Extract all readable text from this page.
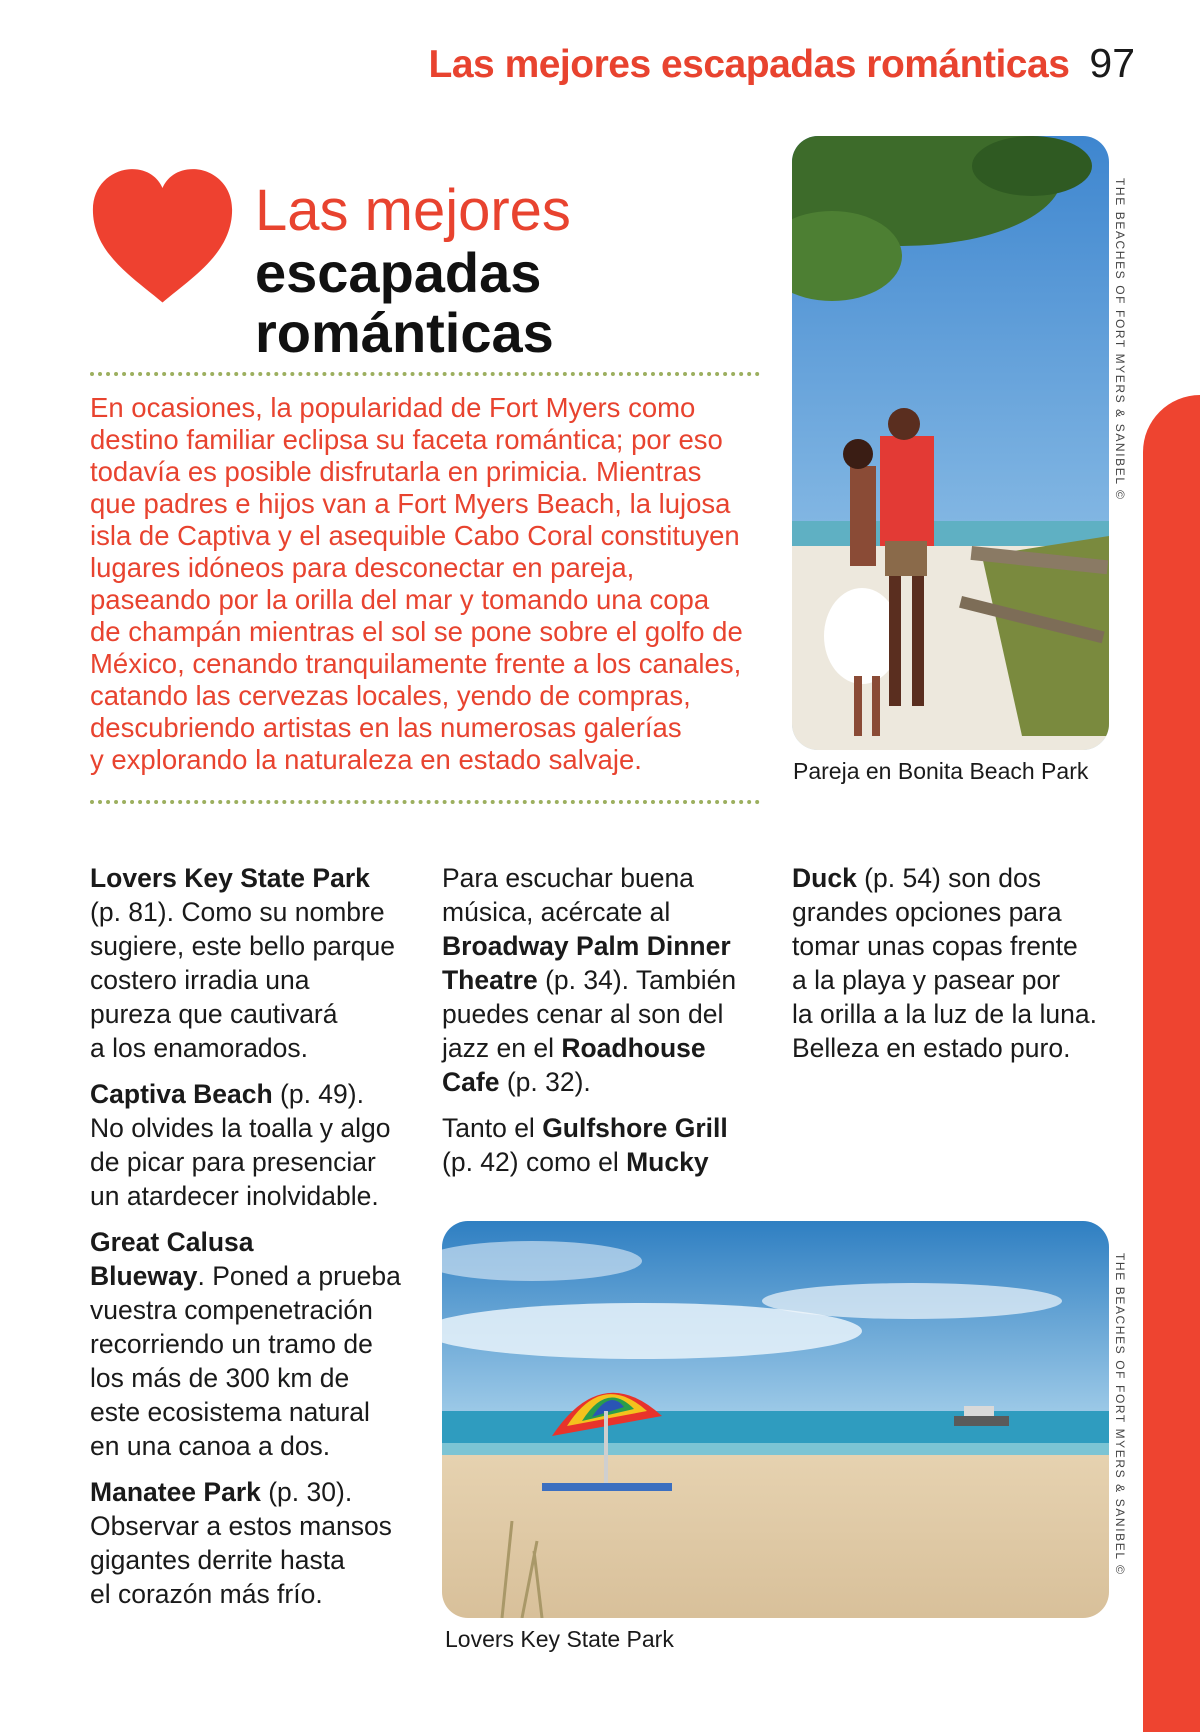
Las mejores escapadas románticas 97
Las mejores
escapadas
románticas
En ocasiones, la popularidad de Fort Myers como
destino familiar eclipsa su faceta romántica; por eso
todavía es posible disfrutarla en primicia. Mientras
que padres e hijos van a Fort Myers Beach, la lujosa
isla de Captiva y el asequible Cabo Coral constituyen
lugares idóneos para desconectar en pareja,
paseando por la orilla del mar y tomando una copa
de champán mientras el sol se pone sobre el golfo de
México, cenando tranquilamente frente a los canales,
catando las cervezas locales, yendo de compras,
descubriendo artistas en las numerosas galerías
y explorando la naturaleza en estado salvaje.	Pareja en Bonita Beach Park
THE BEACHES OF FORT MYERS & SANIBEL ©

Lovers Key State Park
(p. 81). Como su nombre
sugiere, este bello parque
costero irradia una
pureza que cautivará
a los enamorados.

Captiva Beach (p. 49).
No olvides la toalla y algo
de picar para presenciar
un atardecer inolvidable.

Great Calusa
Blueway. Poned a prueba
vuestra compenetración
recorriendo un tramo de
los más de 300 km de
este ecosistema natural
en una canoa a dos.

Manatee Park (p. 30).
Observar a estos mansos
gigantes derrite hasta
el corazón más frío.

Para escuchar buena
música, acércate al
Broadway Palm Dinner
Theatre (p. 34). También
puedes cenar al son del
jazz en el Roadhouse
Cafe (p. 32).

Tanto el Gulfshore Grill
(p. 42) como el Mucky

Duck (p. 54) son dos
grandes opciones para
tomar unas copas frente
a la playa y pasear por
la orilla a la luz de la luna.
Belleza en estado puro.

Lovers Key State Park
THE BEACHES OF FORT MYERS & SANIBEL ©
